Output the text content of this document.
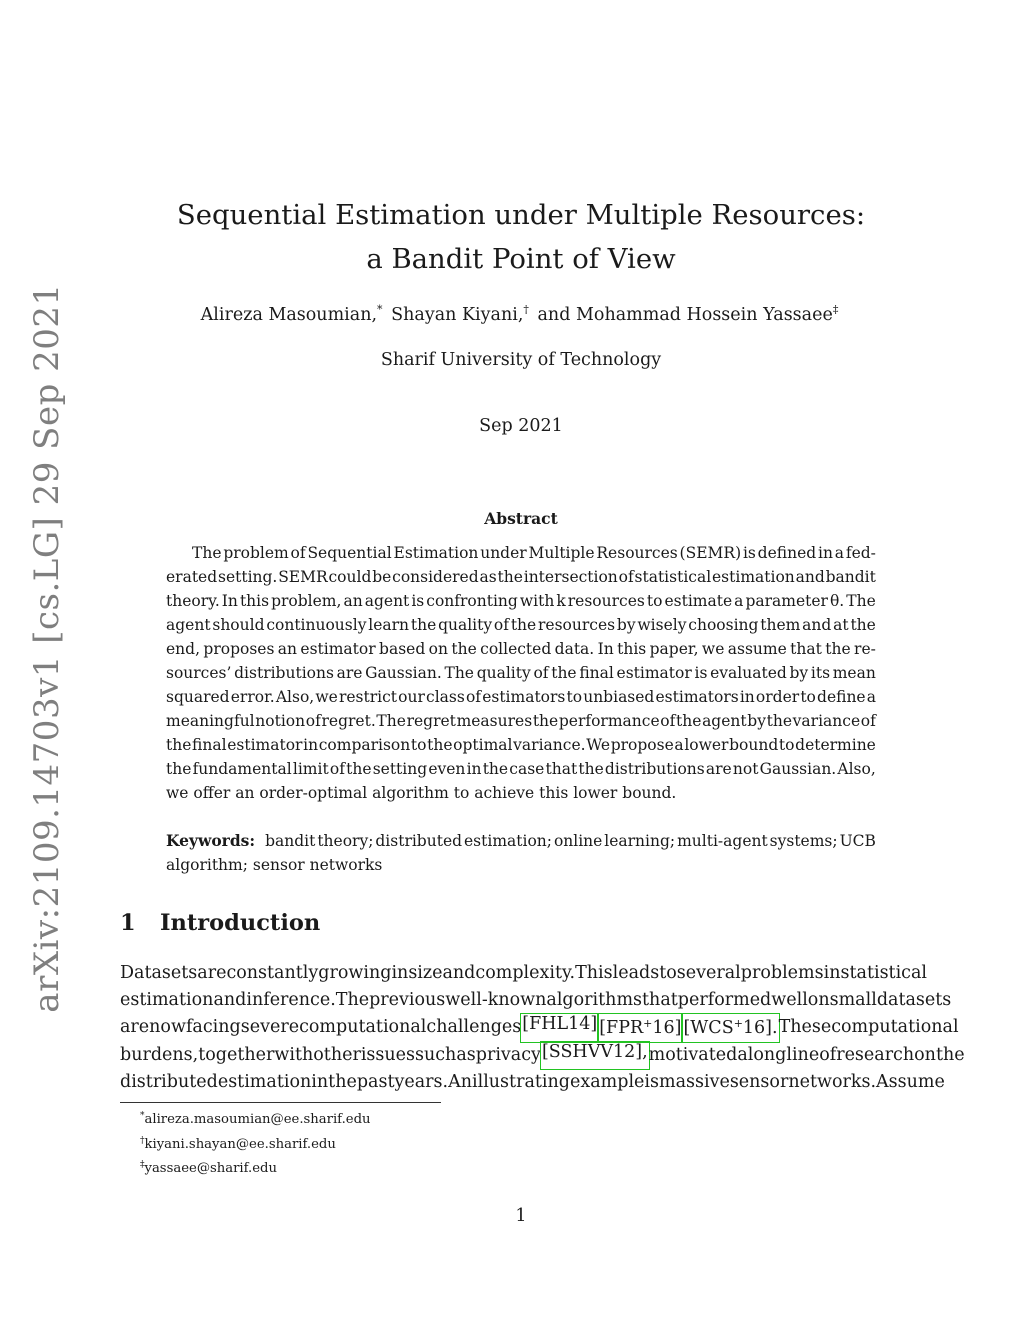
arXiv:2109.14703v1 [cs.LG] 29 Sep 2021
Sequential Estimation under Multiple Resources:
a Bandit Point of View
Alireza Masoumian,* Shayan Kiyani,† and Mohammad Hossein Yassaee‡
Sharif University of Technology
Sep 2021
Abstract
The problem of Sequential Estimation under Multiple Resources (SEMR) is defined in a fed-
erated setting. SEMR could be considered as the intersection of statistical estimation and bandit
theory. In this problem, an agent is confronting with k resources to estimate a parameter θ. The
agent should continuously learn the quality of the resources by wisely choosing them and at the
end, proposes an estimator based on the collected data. In this paper, we assume that the re-
sources’ distributions are Gaussian. The quality of the final estimator is evaluated by its mean
squared error. Also, we restrict our class of estimators to unbiased estimators in order to define a
meaningful notion of regret. The regret measures the performance of the agent by the variance of
the final estimator in comparison to the optimal variance. We propose a lower bound to determine
the fundamental limit of the setting even in the case that the distributions are not Gaussian. Also,
we offer an order-optimal algorithm to achieve this lower bound.
Keywords: bandit theory; distributed estimation; online learning; multi-agent systems; UCB
algorithm; sensor networks
1 Introduction
Datasets are constantly growing in size and complexity. This leads to several problems in statistical
estimation and inference. The previous well-known algorithms that performed well on small datasets
are now facing severe computational challenges [FHL14] [FPR+16] [WCS+16]. These computational
burdens, together with other issues such as privacy [SSHVV12], motivated a long line of research on the
distributed estimation in the past years. An illustrating example is massive sensor networks. Assume
*alireza.masoumian@ee.sharif.edu
†kiyani.shayan@ee.sharif.edu
‡yassaee@sharif.edu
1
